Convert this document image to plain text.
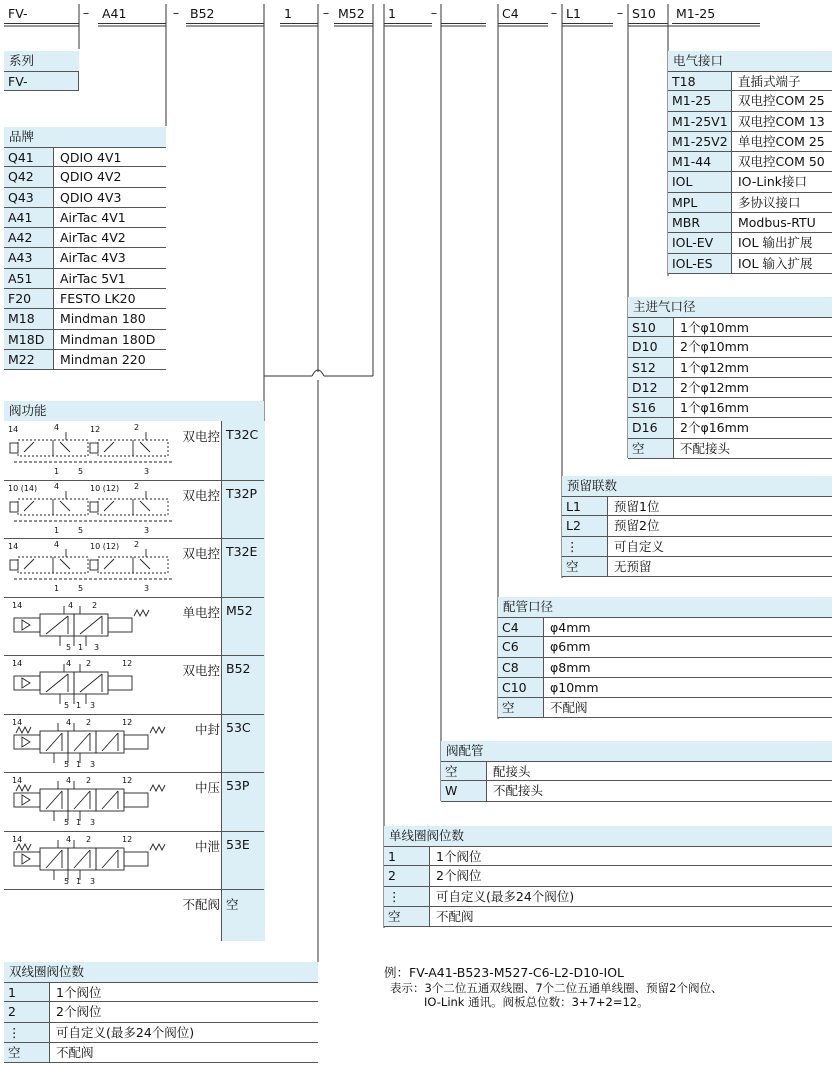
FV-	–	A41	– B52	1	– M52	1	–	C4	– L1	– S10	M1-25
系列
FV-
品牌
Q41	QDIO 4V1
Q42	QDIO 4V2
Q43	QDIO 4V3
A41	AirTac 4V1
A42	AirTac 4V2
A43	AirTac 4V3
A51	AirTac 5V1
F20	FESTO LK20
M18	Mindman 180
M18D	Mindman 180D
M22	Mindman 220
阀功能
双电控 T32C
14	4	12	2
1 5	3
双电控 T32P
10 (14) 4	10 (12) 2
1 5	3
双电控 T32E
14	4	10 (12) 2
1 5	3
单电控 M52
14	4 2
5 1 3
双电控 B52
14	4 2	12
5 1 3
中封 53C
14	4 2	12
5 1 3
中压 53P
14	4 2	12
5 1 3
中泄 53E
14	4 2	12
5 1 3
不配阀 空
双线圈阀位数
1	1个阀位
2	2个阀位
⋮	可自定义(最多24个阀位)
空	不配阀
单线圈阀位数
1	1个阀位
2	2个阀位
⋮	可自定义(最多24个阀位)
空	不配阀
阀配管
空	配接头
W	不配接头
配管口径
C4	φ4mm
C6	φ6mm
C8	φ8mm
C10	φ10mm
空	不配阀
预留联数
L1	预留1位
L2	预留2位
⋮	可自定义
空	无预留
主进气口径
S10	1个φ10mm
D10	2个φ10mm
S12	1个φ12mm
D12	2个φ12mm
S16	1个φ16mm
D16	2个φ16mm
空	不配接头
电气接口
T18	直插式端子
M1-25	双电控COM 25
M1-25V1 双电控COM 13
M1-25V2 单电控COM 25
M1-44	双电控COM 50
IOL	IO-Link接口
MPL	多协议接口
MBR	Modbus-RTU
IOL-EV	IOL 输出扩展
IOL-ES	IOL 输入扩展
例：FV-A41-B523-M527-C6-L2-D10-IOL
表示：3个二位五通双线圈、7个二位五通单线圈、预留2个阀位、
IO-Link 通讯。阀板总位数：3+7+2=12。
